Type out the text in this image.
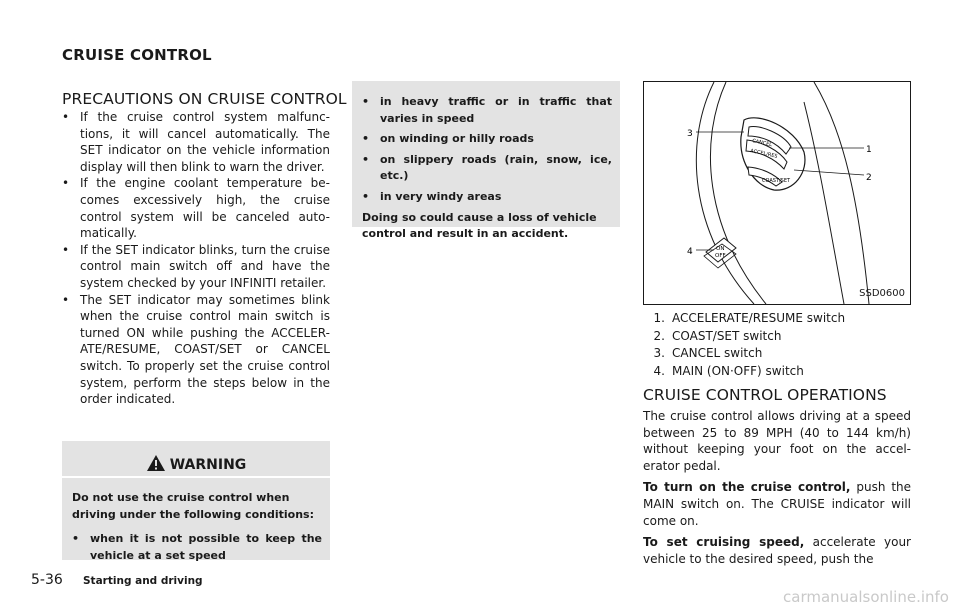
CRUISE CONTROL
PRECAUTIONS ON CRUISE CONTROL
• If the cruise control system malfunc-tions, it will cancel automatically. The SET indicator on the vehicle information display will then blink to warn the driver.
• If the engine coolant temperature be-comes excessively high, the cruise control system will be canceled auto-matically.
• If the SET indicator blinks, turn the cruise control main switch off and have the system checked by your INFINITI retailer.
• The SET indicator may sometimes blink when the cruise control main switch is turned ON while pushing the ACCELER-ATE/RESUME, COAST/SET or CANCEL switch. To properly set the cruise control system, perform the steps below in the order indicated.
WARNING

Do not use the cruise control when driving under the following conditions:

• when it is not possible to keep the vehicle at a set speed
• in heavy traffic or in traffic that varies in speed
• on winding or hilly roads
• on slippery roads (rain, snow, ice, etc.)
• in very windy areas

Doing so could cause a loss of vehicle control and result in an accident.

CANCEL
ACCEL/RES
COAST/SET
ON
OFF
3
1
2
4
SSD0600
1. ACCELERATE/RESUME switch
2. COAST/SET switch
3. CANCEL switch
4. MAIN (ON·OFF) switch
CRUISE CONTROL OPERATIONS

The cruise control allows driving at a speed between 25 to 89 MPH (40 to 144 km/h) without keeping your foot on the accel-erator pedal.

To turn on the cruise control, push the MAIN switch on. The CRUISE indicator will come on.

To set cruising speed, accelerate your vehicle to the desired speed, push the

5-36 Starting and driving
carmanualsonline.info
